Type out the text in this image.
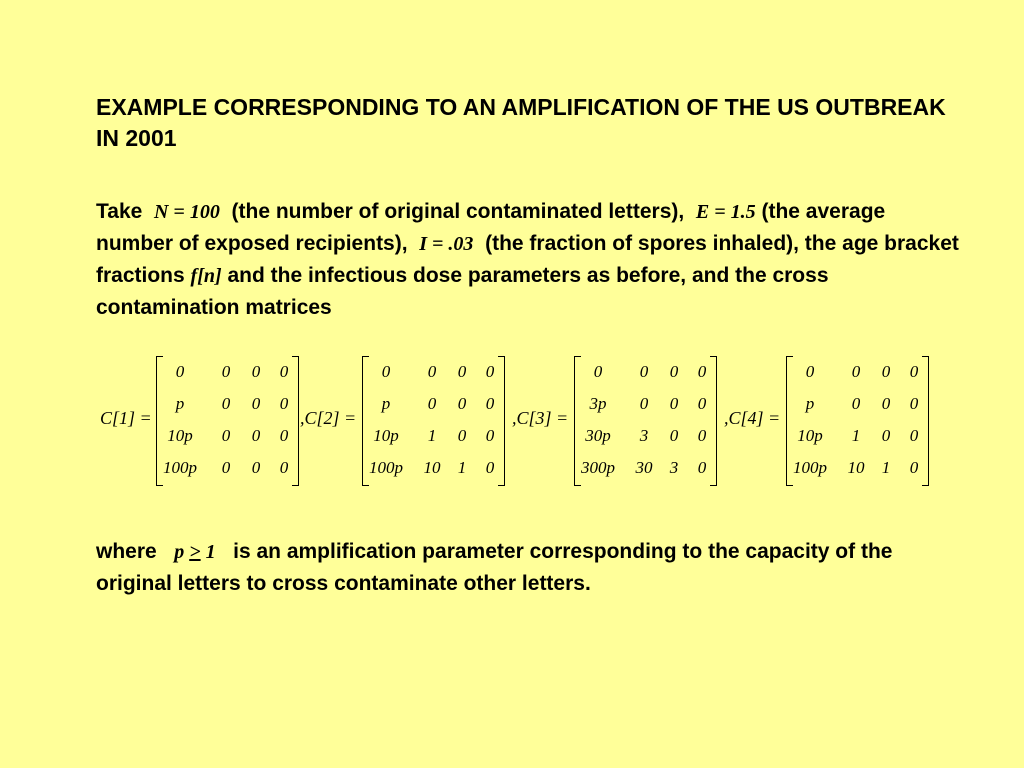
EXAMPLE CORRESPONDING TO AN AMPLIFICATION OF THE US OUTBREAK IN 2001
Take N = 100 (the number of original contaminated letters), E = 1.5 (the average number of exposed recipients), I = .03 (the fraction of spores inhaled), the age bracket fractions f[n] and the infectious dose parameters as before, and the cross contamination matrices
C[1] =
0	0	0	0
p	0	0	0
10p	0	0	0
100p	0	0	0
,C[2] =
0	0	0	0
p	0	0	0
10p	1	0	0
100p	10	1	0
,C[3] =
0	0	0	0
3p	0	0	0
30p	3	0	0
300p	30	3	0
,C[4] =
0	0	0	0
p	0	0	0
10p	1	0	0
100p	10	1	0
where p ≥ 1 is an amplification parameter corresponding to the capacity of the original letters to cross contaminate other letters.
